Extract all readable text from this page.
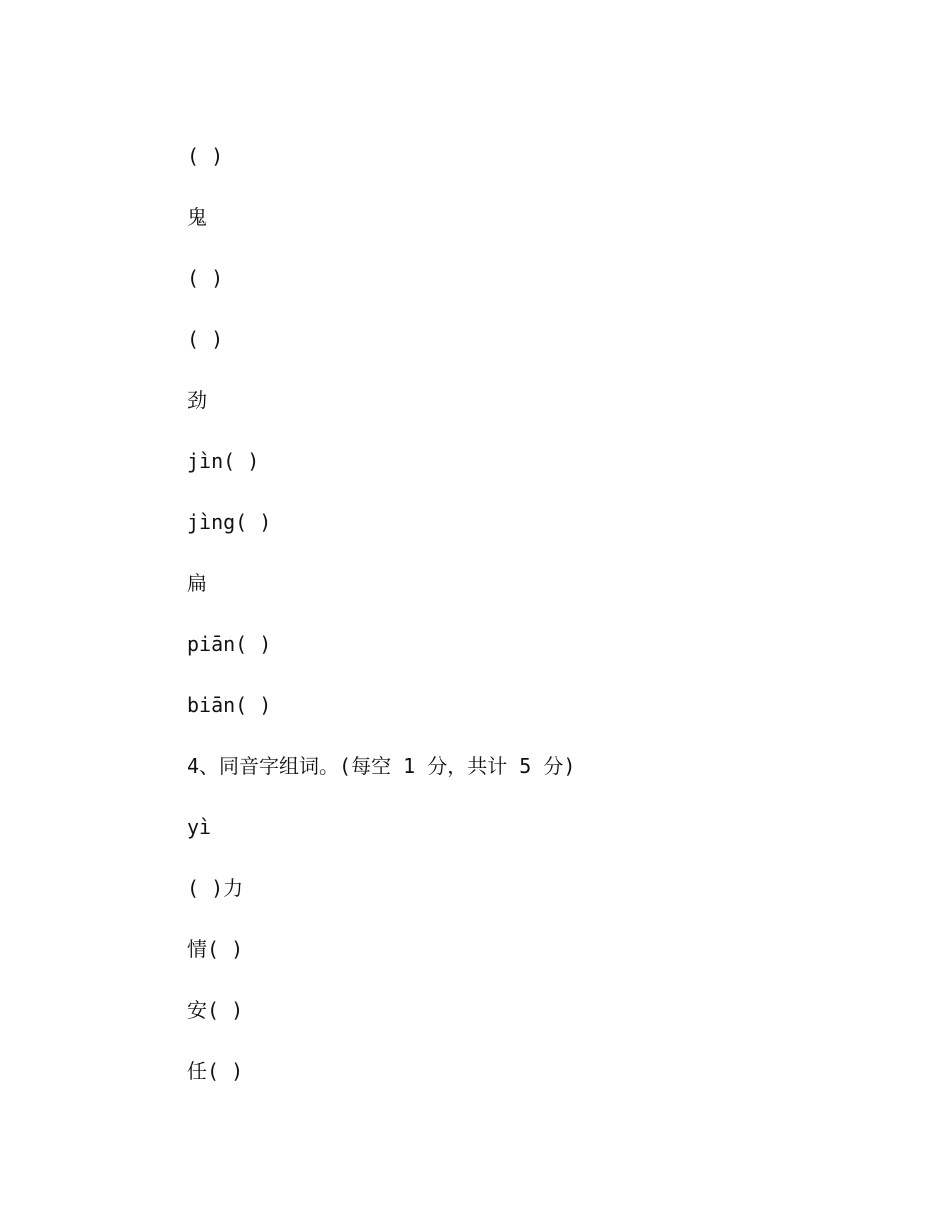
( )
鬼
( )
( )
劲
jìn( )
jìng( )
扁
piān( )
biān( )
4、同音字组词。(每空 1 分，共计 5 分)
yì
( )力
情( )
安( )
任( )
